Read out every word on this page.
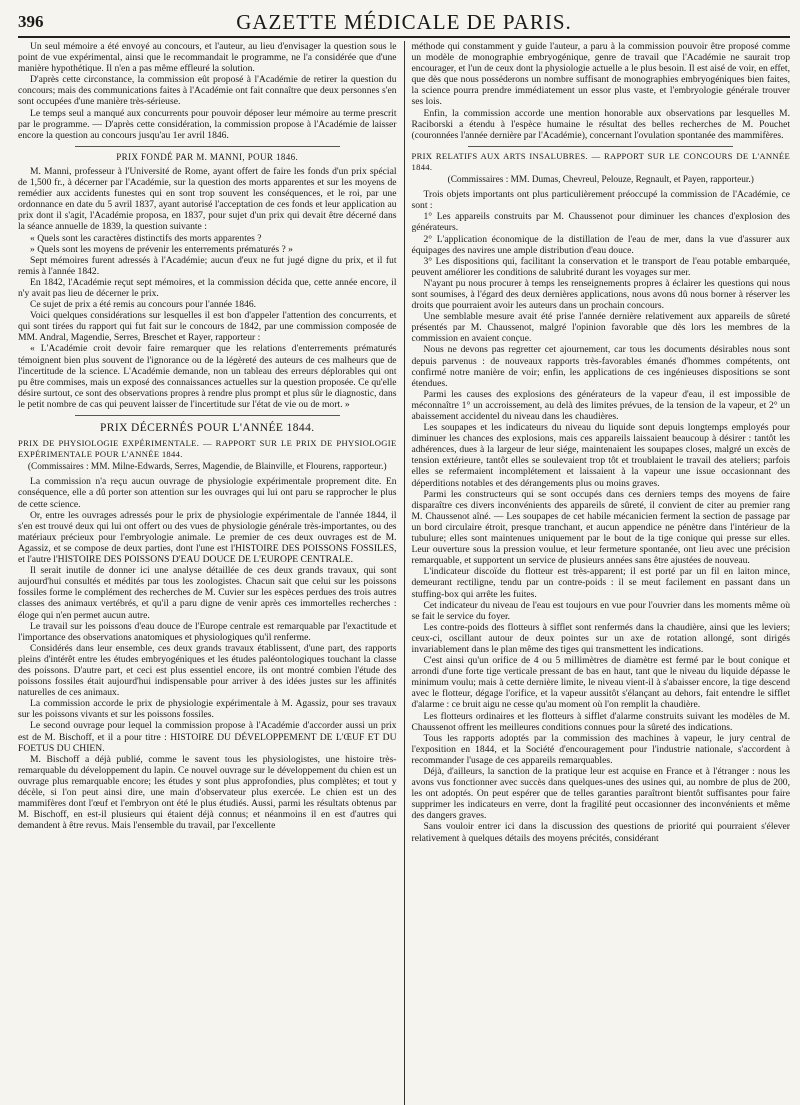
396	GAZETTE MÉDICALE DE PARIS.

Un seul mémoire a été envoyé au concours, et l'auteur, au lieu d'envisager la question sous le point de vue expérimental, ainsi que le recommandait le programme, ne l'a considérée que d'une manière hypothétique. Il n'en a pas même effleuré la solution.

D'après cette circonstance, la commission eût proposé à l'Académie de retirer la question du concours; mais des communications faites à l'Académie ont fait connaître que deux personnes s'en sont occupées d'une manière très-sérieuse.

Le temps seul a manqué aux concurrents pour pouvoir déposer leur mémoire au terme prescrit par le programme. — D'après cette considération, la commission propose à l'Académie de laisser encore la question au concours jusqu'au 1er avril 1846.

PRIX FONDÉ PAR M. MANNI, POUR 1846.

M. Manni, professeur à l'Université de Rome, ayant offert de faire les fonds d'un prix spécial de 1,500 fr., à décerner par l'Académie, sur la question des morts apparentes et sur les moyens de remédier aux accidents funestes qui en sont trop souvent les conséquences, et le roi, par une ordonnance en date du 5 avril 1837, ayant autorisé l'acceptation de ces fonds et leur application au prix dont il s'agit, l'Académie proposa, en 1837, pour sujet d'un prix qui devait être décerné dans la séance annuelle de 1839, la question suivante :

« Quels sont les caractères distinctifs des morts apparentes ?

» Quels sont les moyens de prévenir les enterrements prématurés ? »

Sept mémoires furent adressés à l'Académie; aucun d'eux ne fut jugé digne du prix, et il fut remis à l'année 1842.

En 1842, l'Académie reçut sept mémoires, et la commission décida que, cette année encore, il n'y avait pas lieu de décerner le prix.

Ce sujet de prix a été remis au concours pour l'année 1846.

Voici quelques considérations sur lesquelles il est bon d'appeler l'attention des concurrents, et qui sont tirées du rapport qui fut fait sur le concours de 1842, par une commission composée de MM. Andral, Magendie, Serres, Breschet et Rayer, rapporteur :

« L'Académie croit devoir faire remarquer que les relations d'enterrements prématurés témoignent bien plus souvent de l'ignorance ou de la légèreté des auteurs de ces malheurs que de l'incertitude de la science. L'Académie demande, non un tableau des erreurs déplorables qui ont pu être commises, mais un exposé des connaissances actuelles sur la question proposée. Ce qu'elle désire surtout, ce sont des observations propres à rendre plus prompt et plus sûr le diagnostic, dans le petit nombre de cas qui peuvent laisser de l'incertitude sur l'état de vie ou de mort. »

PRIX DÉCERNÉS POUR L'ANNÉE 1844.

PRIX DE PHYSIOLOGIE EXPÉRIMENTALE. — RAPPORT SUR LE PRIX DE PHYSIOLOGIE EXPÉRIMENTALE POUR L'ANNÉE 1844.

(Commissaires : MM. Milne-Edwards, Serres, Magendie, de Blainville, et Flourens, rapporteur.)

La commission n'a reçu aucun ouvrage de physiologie expérimentale proprement dite. En conséquence, elle a dû porter son attention sur les ouvrages qui lui ont paru se rapprocher le plus de cette science.

Or, entre les ouvrages adressés pour le prix de physiologie expérimentale de l'année 1844, il s'en est trouvé deux qui lui ont offert ou des vues de physiologie générale très-importantes, ou des matériaux précieux pour l'embryologie animale. Le premier de ces deux ouvrages est de M. Agassiz, et se compose de deux parties, dont l'une est l'HISTOIRE DES POISSONS FOSSILES, et l'autre l'HISTOIRE DES POISSONS D'EAU DOUCE DE L'EUROPE CENTRALE.

Il serait inutile de donner ici une analyse détaillée de ces deux grands travaux, qui sont aujourd'hui consultés et médités par tous les zoologistes. Chacun sait que celui sur les poissons fossiles forme le complément des recherches de M. Cuvier sur les espèces perdues des trois autres classes des animaux vertébrés, et qu'il a paru digne de venir après ces immortelles recherches : éloge qui n'en permet aucun autre.

Le travail sur les poissons d'eau douce de l'Europe centrale est remarquable par l'exactitude et l'importance des observations anatomiques et physiologiques qu'il renferme.

Considérés dans leur ensemble, ces deux grands travaux établissent, d'une part, des rapports pleins d'intérêt entre les études embryogéniques et les études paléontologiques touchant la classe des poissons. D'autre part, et ceci est plus essentiel encore, ils ont montré combien l'étude des poissons fossiles était aujourd'hui indispensable pour arriver à des idées justes sur les affinités naturelles de ces animaux.

La commission accorde le prix de physiologie expérimentale à M. Agassiz, pour ses travaux sur les poissons vivants et sur les poissons fossiles.

Le second ouvrage pour lequel la commission propose à l'Académie d'accorder aussi un prix est de M. Bischoff, et il a pour titre : HISTOIRE DU DÉVELOPPEMENT DE L'ŒUF ET DU FOETUS DU CHIEN.

M. Bischoff a déjà publié, comme le savent tous les physiologistes, une histoire très-remarquable du développement du lapin. Ce nouvel ouvrage sur le développement du chien est un ouvrage plus remarquable encore; les études y sont plus approfondies, plus complètes; et tout y décèle, si l'on peut ainsi dire, une main d'observateur plus exercée. Le chien est un des mammifères dont l'œuf et l'embryon ont été le plus étudiés. Aussi, parmi les résultats obtenus par M. Bischoff, en est-il plusieurs qui étaient déjà connus; et néanmoins il en est d'autres qui demandent à être revus. Mais l'ensemble du travail, par l'excellente

méthode qui constamment y guide l'auteur, a paru à la commission pouvoir être proposé comme un modèle de monographie embryogénique, genre de travail que l'Académie ne saurait trop encourager, et l'un de ceux dont la physiologie actuelle a le plus besoin. Il est aisé de voir, en effet, que dès que nous posséderons un nombre suffisant de monographies embryogéniques bien faites, la science pourra prendre immédiatement un essor plus vaste, et l'embryologie générale trouver ses lois.

Enfin, la commission accorde une mention honorable aux observations par lesquelles M. Raciborski a étendu à l'espèce humaine le résultat des belles recherches de M. Pouchet (couronnées l'année dernière par l'Académie), concernant l'ovulation spontanée des mammifères.

PRIX RELATIFS AUX ARTS INSALUBRES. — RAPPORT SUR LE CONCOURS DE L'ANNÉE 1844.

(Commissaires : MM. Dumas, Chevreul, Pelouze, Regnault, et Payen, rapporteur.)

Trois objets importants ont plus particulièrement préoccupé la commission de l'Académie, ce sont :

1° Les appareils construits par M. Chaussenot pour diminuer les chances d'explosion des générateurs.

2° L'application économique de la distillation de l'eau de mer, dans la vue d'assurer aux équipages des navires une ample distribution d'eau douce.

3° Les dispositions qui, facilitant la conservation et le transport de l'eau potable embarquée, peuvent améliorer les conditions de salubrité durant les voyages sur mer.

N'ayant pu nous procurer à temps les renseignements propres à éclairer les questions qui nous sont soumises, à l'égard des deux dernières applications, nous avons dû nous borner à réserver les droits que pourraient avoir les auteurs dans un prochain concours.

Une semblable mesure avait été prise l'année dernière relativement aux appareils de sûreté présentés par M. Chaussenot, malgré l'opinion favorable que dès lors les membres de la commission en avaient conçue.

Nous ne devons pas regretter cet ajournement, car tous les documents désirables nous sont depuis parvenus : de nouveaux rapports très-favorables émanés d'hommes compétents, ont confirmé notre manière de voir; enfin, les applications de ces ingénieuses dispositions se sont étendues.

Parmi les causes des explosions des générateurs de la vapeur d'eau, il est impossible de méconnaître 1° un accroissement, au delà des limites prévues, de la tension de la vapeur, et 2° un abaissement accidentel du niveau dans les chaudières.

Les soupapes et les indicateurs du niveau du liquide sont depuis longtemps employés pour diminuer les chances des explosions, mais ces appareils laissaient beaucoup à désirer : tantôt les adhérences, dues à la largeur de leur siége, maintenaient les soupapes closes, malgré un excès de tension extérieure, tantôt elles se soulevaient trop tôt et troublaient le travail des ateliers; parfois elles se refermaient incomplétement et laissaient à la vapeur une issue occasionnant des déperditions notables et des dérangements plus ou moins graves.

Parmi les constructeurs qui se sont occupés dans ces derniers temps des moyens de faire disparaître ces divers inconvénients des appareils de sûreté, il convient de citer au premier rang M. Chaussenot aîné. — Les soupapes de cet habile mécanicien ferment la section de passage par un bord circulaire étroit, presque tranchant, et aucun appendice ne pénètre dans l'intérieur de la tubulure; elles sont maintenues uniquement par le bout de la tige conique qui presse sur elles. Leur ouverture sous la pression voulue, et leur fermeture spontanée, ont lieu avec une précision remarquable, et supportent un service de plusieurs années sans être ajustées de nouveau.

L'indicateur discoïde du flotteur est très-apparent; il est porté par un fil en laiton mince, demeurant rectiligne, tendu par un contre-poids : il se meut facilement en passant dans un stuffing-box qui arrête les fuites.

Cet indicateur du niveau de l'eau est toujours en vue pour l'ouvrier dans les moments même où se fait le service du foyer.

Les contre-poids des flotteurs à sifflet sont renfermés dans la chaudière, ainsi que les leviers; ceux-ci, oscillant autour de deux pointes sur un axe de rotation allongé, sont dirigés invariablement dans le plan même des tiges qui transmettent les indications.

C'est ainsi qu'un orifice de 4 ou 5 millimètres de diamètre est fermé par le bout conique et arrondi d'une forte tige verticale pressant de bas en haut, tant que le niveau du liquide dépasse le minimum voulu; mais à cette dernière limite, le niveau vient-il à s'abaisser encore, la tige descend avec le flotteur, dégage l'orifice, et la vapeur aussitôt s'élançant au dehors, fait entendre le sifflet d'alarme : ce bruit aigu ne cesse qu'au moment où l'on remplit la chaudière.

Les flotteurs ordinaires et les flotteurs à sifflet d'alarme construits suivant les modèles de M. Chaussenot offrent les meilleures conditions connues pour la sûreté des indications.

Tous les rapports adoptés par la commission des machines à vapeur, le jury central de l'exposition en 1844, et la Société d'encouragement pour l'industrie nationale, s'accordent à recommander l'usage de ces appareils remarquables.

Déjà, d'ailleurs, la sanction de la pratique leur est acquise en France et à l'étranger : nous les avons vus fonctionner avec succès dans quelques-unes des usines qui, au nombre de plus de 200, les ont adoptés. On peut espérer que de telles garanties paraîtront bientôt suffisantes pour faire supprimer les indicateurs en verre, dont la fragilité peut occasionner des inconvénients et même des dangers graves.

Sans vouloir entrer ici dans la discussion des questions de priorité qui pourraient s'élever relativement à quelques détails des moyens précités, considérant
